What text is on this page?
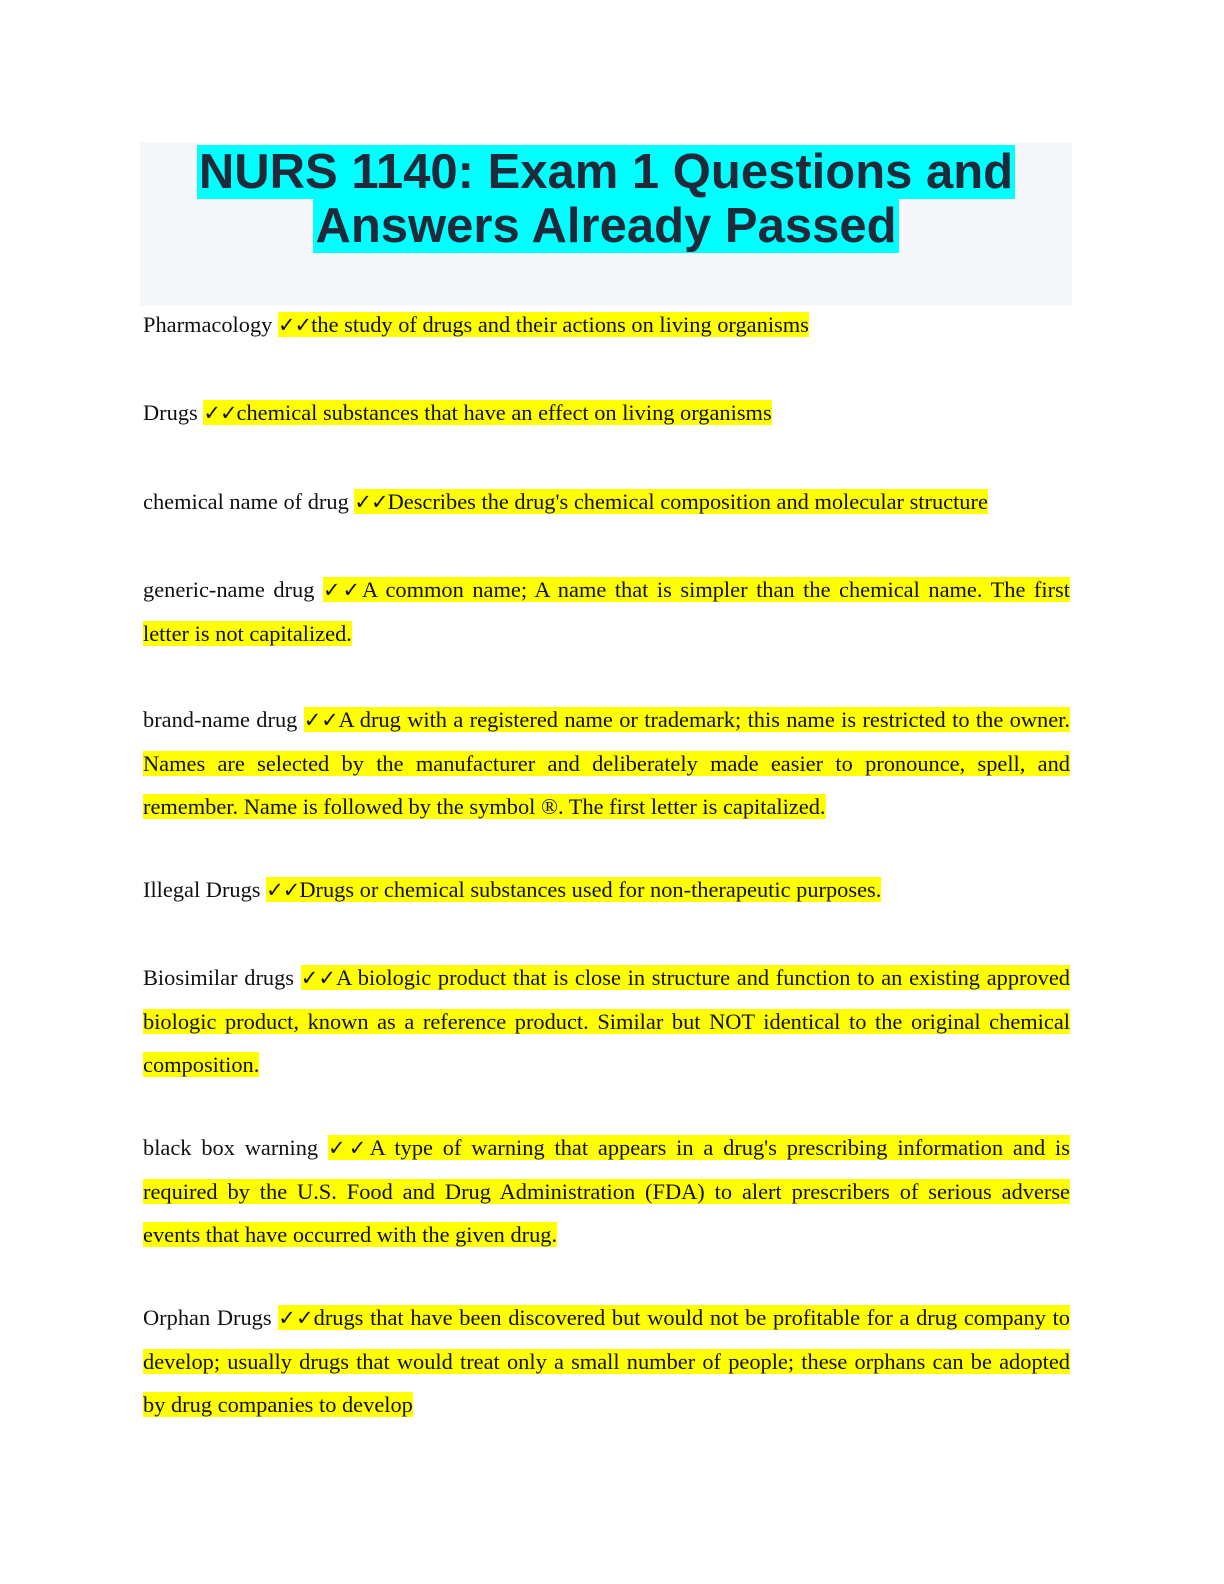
NURS 1140: Exam 1 Questions and
Answers Already Passed
Pharmacology ✓✓the study of drugs and their actions on living organisms
Drugs ✓✓chemical substances that have an effect on living organisms
chemical name of drug ✓✓Describes the drug's chemical composition and molecular structure
generic-name drug ✓✓A common name; A name that is simpler than the chemical name. The first letter is not capitalized.
brand-name drug ✓✓A drug with a registered name or trademark; this name is restricted to the owner. Names are selected by the manufacturer and deliberately made easier to pronounce, spell, and remember. Name is followed by the symbol ®. The first letter is capitalized.
Illegal Drugs ✓✓Drugs or chemical substances used for non-therapeutic purposes.
Biosimilar drugs ✓✓A biologic product that is close in structure and function to an existing approved biologic product, known as a reference product. Similar but NOT identical to the original chemical composition.
black box warning ✓✓A type of warning that appears in a drug's prescribing information and is required by the U.S. Food and Drug Administration (FDA) to alert prescribers of serious adverse events that have occurred with the given drug.
Orphan Drugs ✓✓drugs that have been discovered but would not be profitable for a drug company to develop; usually drugs that would treat only a small number of people; these orphans can be adopted by drug companies to develop
